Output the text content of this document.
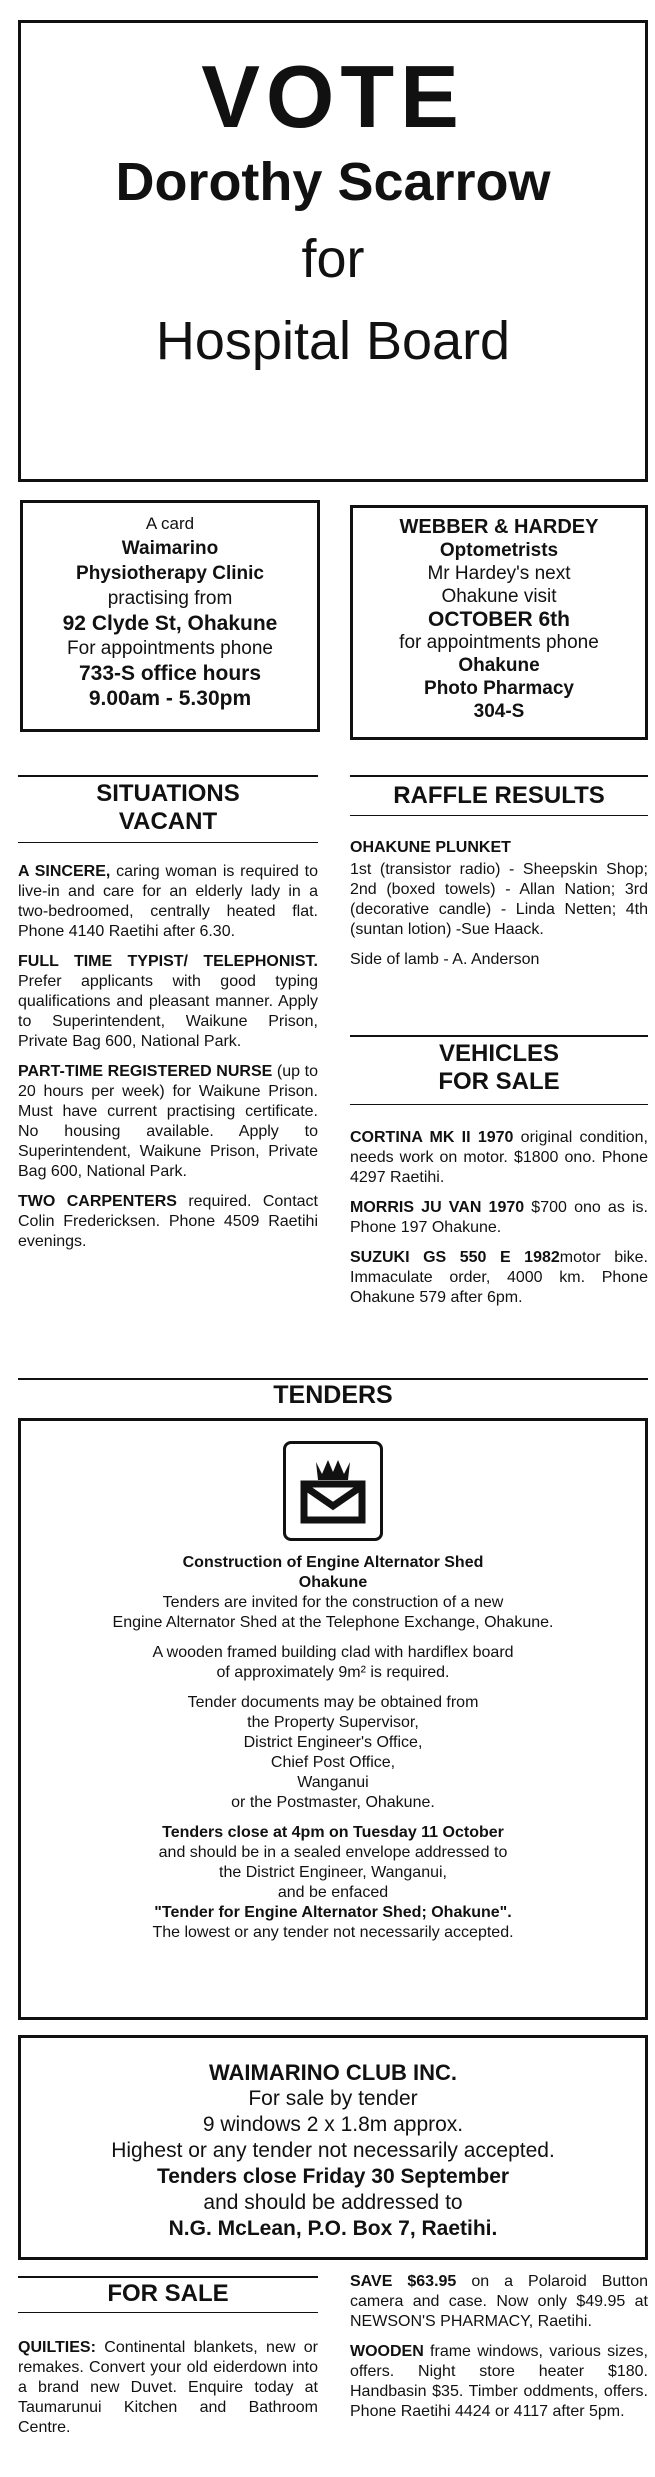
VOTE
Dorothy Scarrow
for
Hospital Board
A card
Waimarino
Physiotherapy Clinic
practising from
92 Clyde St, Ohakune
For appointments phone
733-S office hours
9.00am - 5.30pm
WEBBER & HARDEY
Optometrists
Mr Hardey's next
Ohakune visit
OCTOBER 6th
for appointments phone
Ohakune
Photo Pharmacy
304-S
SITUATIONS
VACANT

A SINCERE, caring woman is required to live-in and care for an elderly lady in a two-bedroomed, centrally heated flat. Phone 4140 Raetihi after 6.30.

FULL TIME TYPIST/ TELEPHONIST. Prefer applicants with good typing qualifications and pleasant manner. Apply to Superintendent, Waikune Prison, Private Bag 600, National Park.

PART-TIME REGISTERED NURSE (up to 20 hours per week) for Waikune Prison. Must have current practising certificate. No housing available. Apply to Superintendent, Waikune Prison, Private Bag 600, National Park.

TWO CARPENTERS required. Contact Colin Fredericksen. Phone 4509 Raetihi evenings.

RAFFLE RESULTS
OHAKUNE PLUNKET

1st (transistor radio) - Sheepskin Shop; 2nd (boxed towels) - Allan Nation; 3rd (decorative candle) - Linda Netten; 4th (suntan lotion) -Sue Haack.

Side of lamb - A. Anderson

VEHICLES
FOR SALE

CORTINA MK II 1970 original condition, needs work on motor. $1800 ono. Phone 4297 Raetihi.

MORRIS JU VAN 1970 $700 ono as is. Phone 197 Ohakune.

SUZUKI GS 550 E 1982motor bike. Immaculate order, 4000 km. Phone Ohakune 579 after 6pm.

TENDERS
Construction of Engine Alternator Shed
Ohakune
Tenders are invited for the construction of a new
Engine Alternator Shed at the Telephone Exchange, Ohakune.
A wooden framed building clad with hardiflex board
of approximately 9m² is required.
Tender documents may be obtained from
the Property Supervisor,
District Engineer's Office,
Chief Post Office,
Wanganui
or the Postmaster, Ohakune.
Tenders close at 4pm on Tuesday 11 October
and should be in a sealed envelope addressed to
the District Engineer, Wanganui,
and be enfaced
"Tender for Engine Alternator Shed; Ohakune".
The lowest or any tender not necessarily accepted.
WAIMARINO CLUB INC.
For sale by tender
9 windows 2 x 1.8m approx.
Highest or any tender not necessarily accepted.
Tenders close Friday 30 September
and should be addressed to
N.G. McLean, P.O. Box 7, Raetihi.
FOR SALE

QUILTIES: Continental blankets, new or remakes. Convert your old eiderdown into a brand new Duvet. Enquire today at Taumarunui Kitchen and Bathroom Centre.

SAVE $63.95 on a Polaroid Button camera and case. Now only $49.95 at NEWSON'S PHARMACY, Raetihi.

WOODEN frame windows, various sizes, offers. Night store heater $180. Handbasin $35. Timber oddments, offers. Phone Raetihi 4424 or 4117 after 5pm.
